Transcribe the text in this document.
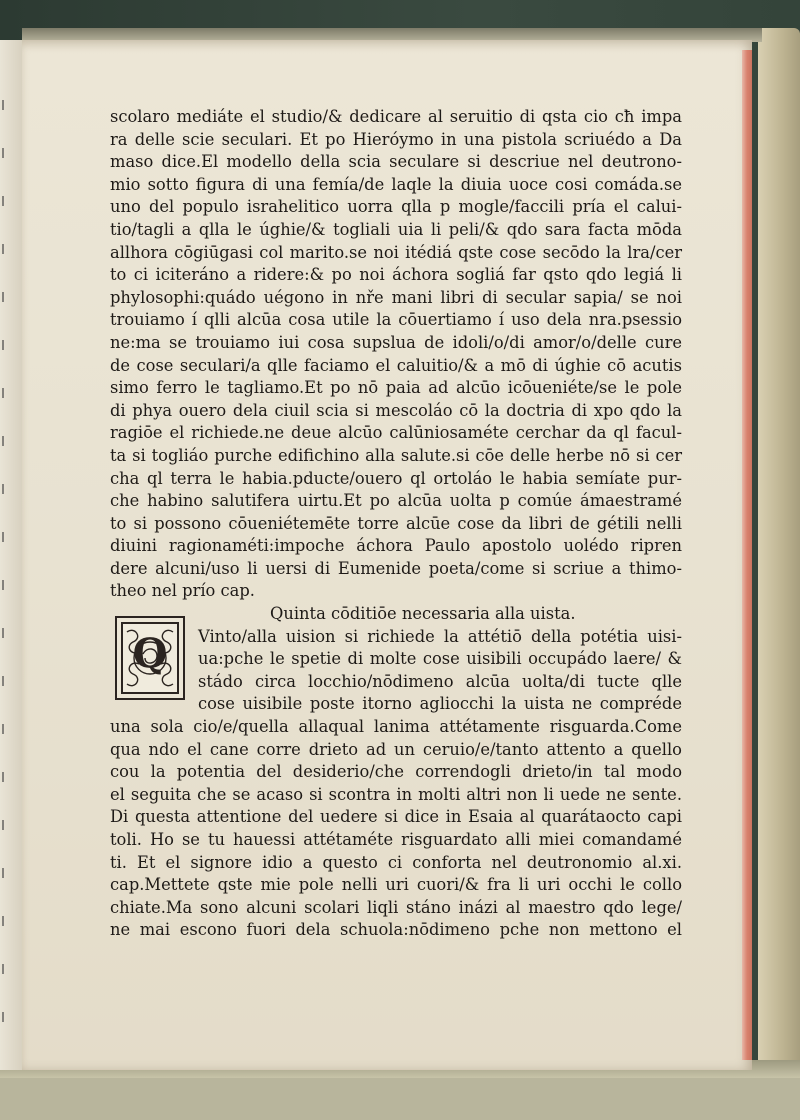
scolaro mediáte el studio/& dedicare al seruitio di qsta cio cħ impa
ra delle scie seculari. Et po Hieróymo in una pistola scriuédo a Da
maso dice.El modello della scia seculare si descriue nel deutrono-
mio sotto figura di una femía/de laqle la diuia uoce cosi comáda.se
uno del populo israhelitico uorra qlla p mogle/faccili pría el calui-
tio/tagli a qlla le úghie/& togliali uia li peli/& qdo sara facta mōda
allhora cōgiūgasi col marito.se noi itédiá qste cose secōdo la lra/cer
to ci iciteráno a ridere:& po noi áchora sogliá far qsto qdo legiá li
phylosophi:quádo uégono in nře mani libri di secular sapia/ se noi
trouiamo í qlli alcūa cosa utile la cōuertiamo í uso dela nra.psessio
ne:ma se trouiamo iui cosa supslua de idoli/o/di amor/o/delle cure
de cose seculari/a qlle faciamo el caluitio/& a mō di úghie cō acutis
simo ferro le tagliamo.Et po nō paia ad alcūo icōueniéte/se le pole
di phya ouero dela ciuil scia si mescoláo cō la doctria di xpo qdo la
ragiōe el richiede.ne deue alcūo calūniosaméte cerchar da ql facul-
ta si togliáo purche edifichino alla salute.si cōe delle herbe nō si cer
cha ql terra le habia.pducte/ouero ql ortoláo le habia semíate pur-
che habino salutifera uirtu.Et po alcūa uolta p comúe ámaestramé
to si possono cōueniétemēte torre alcūe cose da libri de gétili nelli
diuini ragionaméti:impoche áchora Paulo apostolo uolédo ripren
dere alcuni/uso li uersi di Eumenide poeta/come si scriue a thimo-
theo nel prío cap.
Quinta cōditiōe necessaria alla uista.
Vinto/alla uision si richiede la attétiō della potétia uisi-
ua:pche le spetie di molte cose uisibili occupádo laere/ &
stádo circa locchio/nōdimeno alcūa uolta/di tucte qlle
cose uisibile poste itorno agliocchi la uista ne compréde
una sola cio/e/quella allaqual lanima attétamente risguarda.Come
qua ndo el cane corre drieto ad un ceruio/e/tanto attento a quello
cou la potentia del desiderio/che correndogli drieto/in tal modo
el seguita che se acaso si scontra in molti altri non li uede ne sente.
Di questa attentione del uedere si dice in Esaia al quarátaocto capi
toli. Ho se tu hauessi attétaméte risguardato alli miei comandamé
ti. Et el signore idio a questo ci conforta nel deutronomio al.xi.
cap.Mettete qste mie pole nelli uri cuori/& fra li uri occhi le collo
chiate.Ma sono alcuni scolari liqli stáno inázi al maestro qdo lege/
ne mai escono fuori dela schuola:nōdimeno pche non mettono el
Q
